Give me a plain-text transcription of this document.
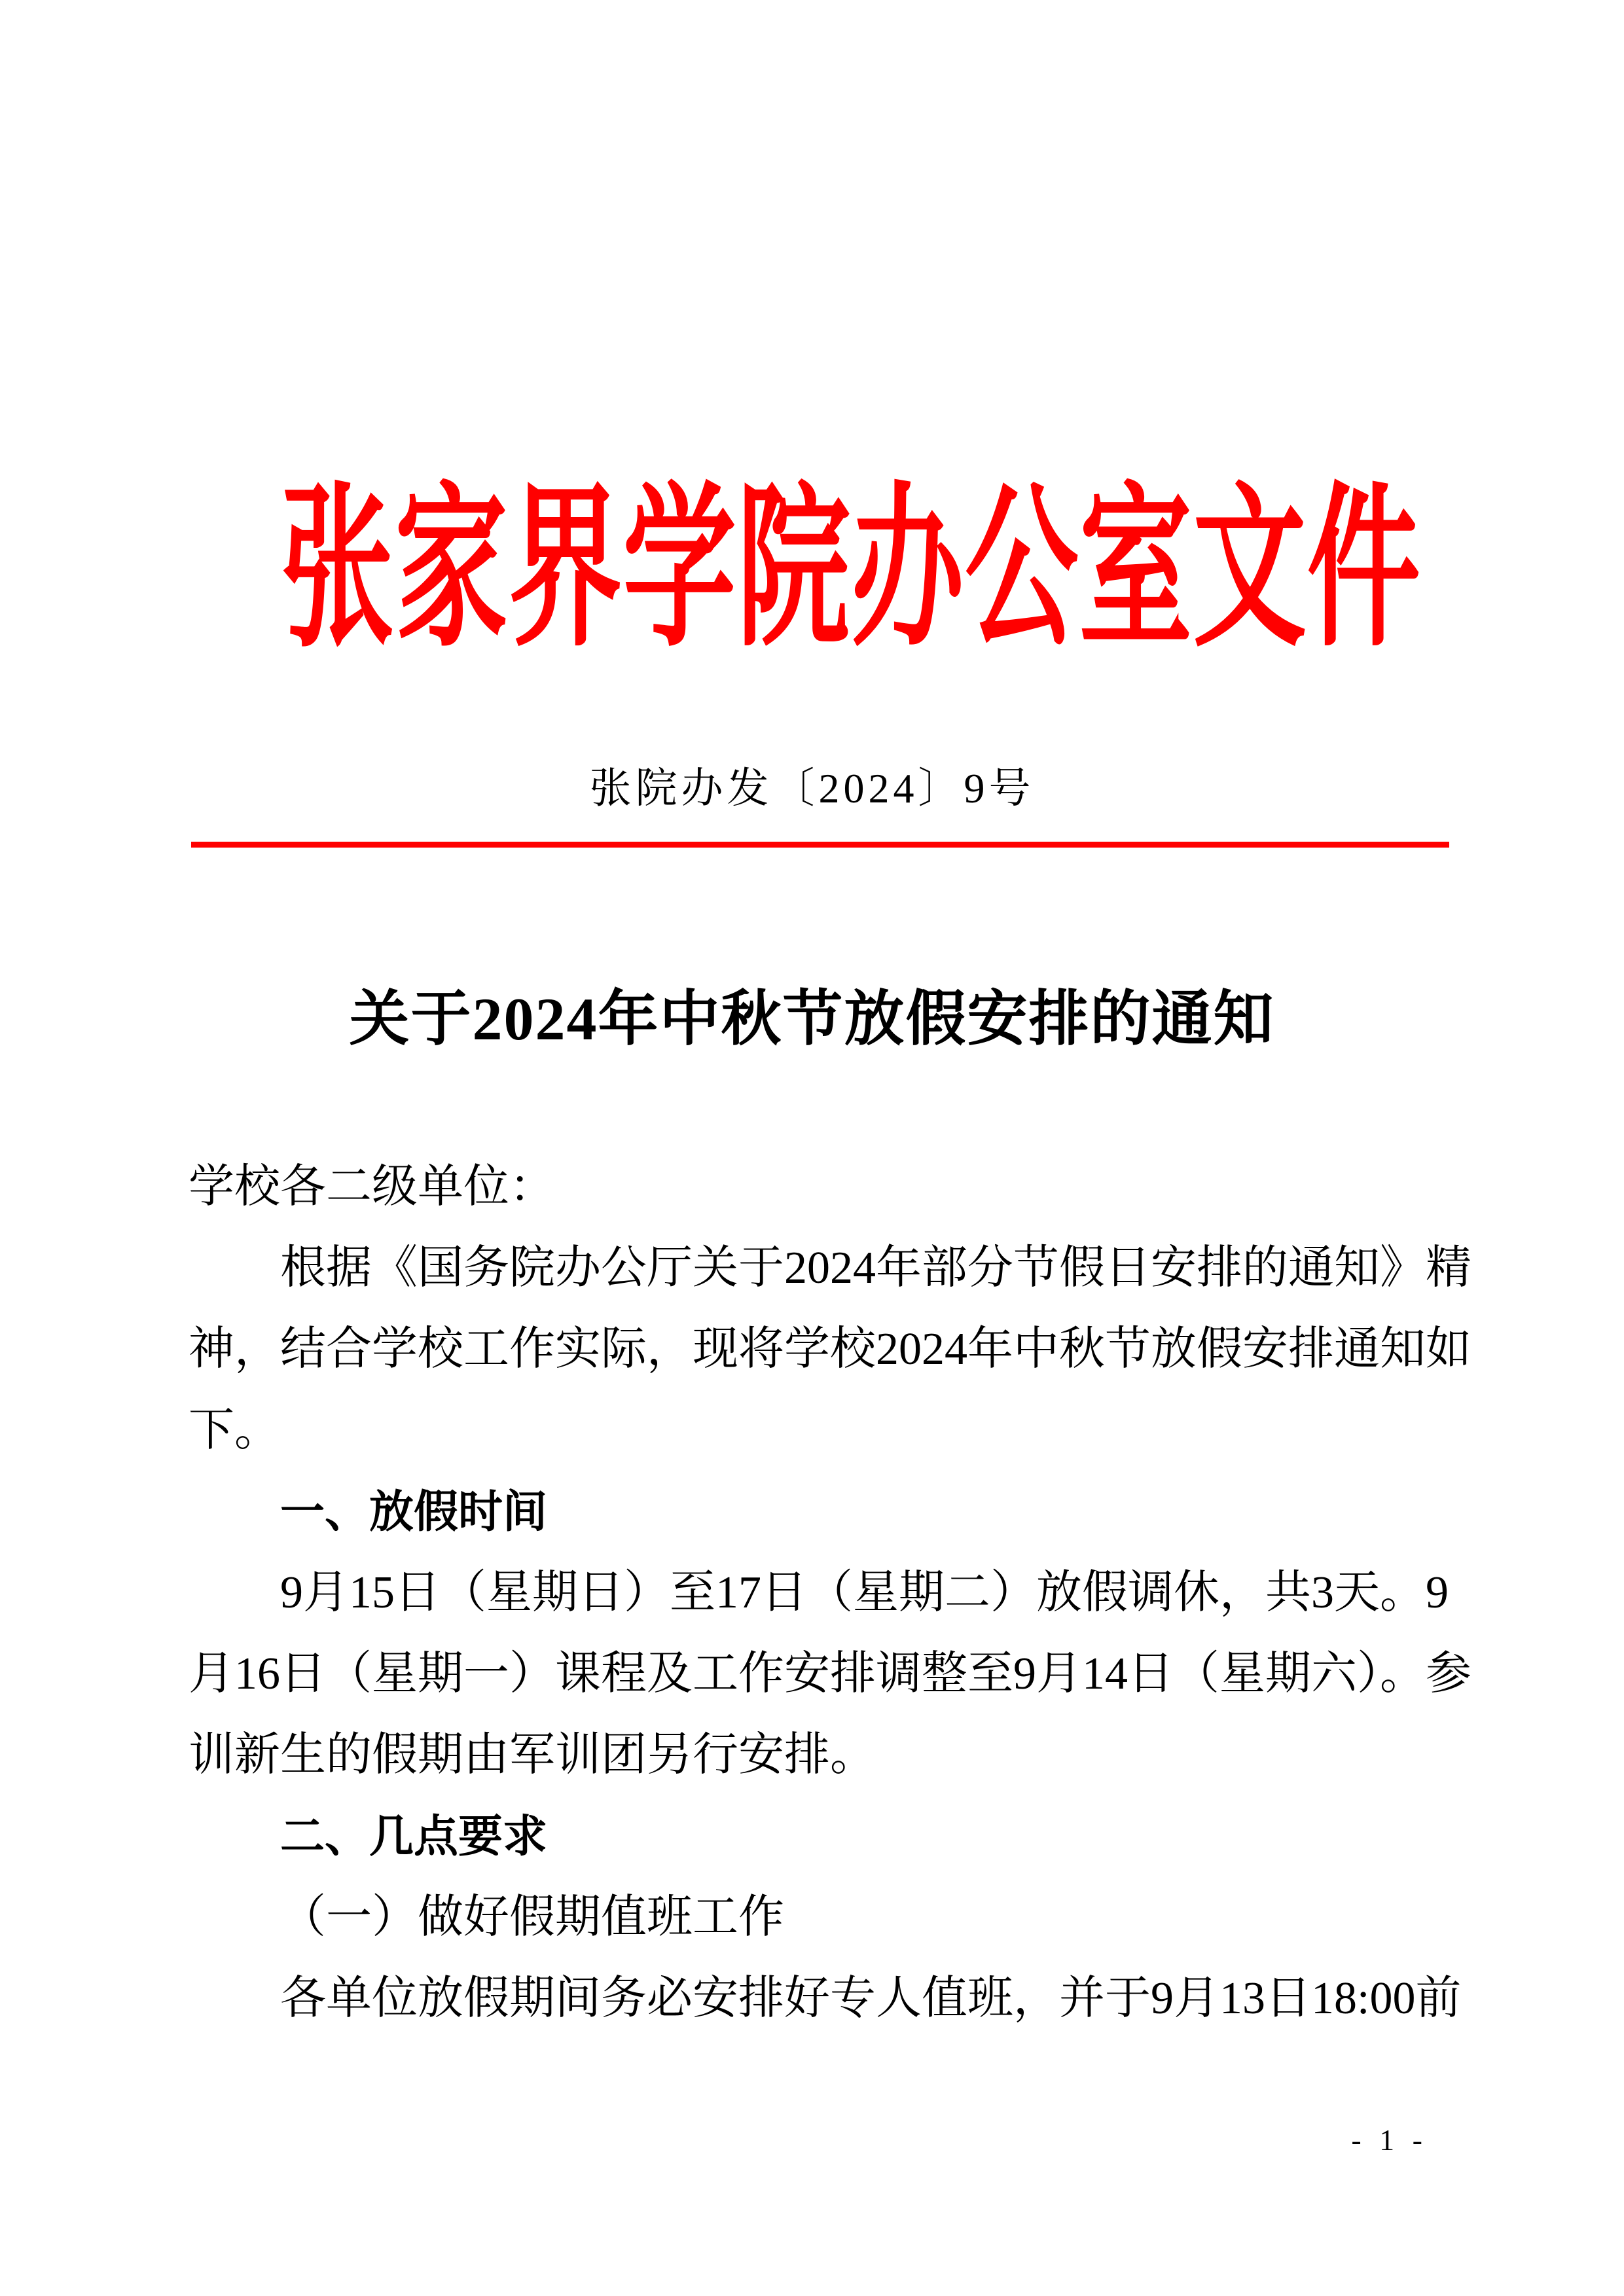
张家界学院办公室文件
张院办发〔2024〕9号
关于2024年中秋节放假安排的通知
学校各二级单位：
根据《国务院办公厅关于2024年部分节假日安排的通知》精
神，结合学校工作实际，现将学校2024年中秋节放假安排通知如
下。
一、放假时间
9月15日（星期日）至17日（星期二）放假调休，共3天。9
月16日（星期一）课程及工作安排调整至9月14日（星期六）。参
训新生的假期由军训团另行安排。
二、几点要求
（一）做好假期值班工作
各单位放假期间务必安排好专人值班，并于9月13日18:00前
- 1 -
